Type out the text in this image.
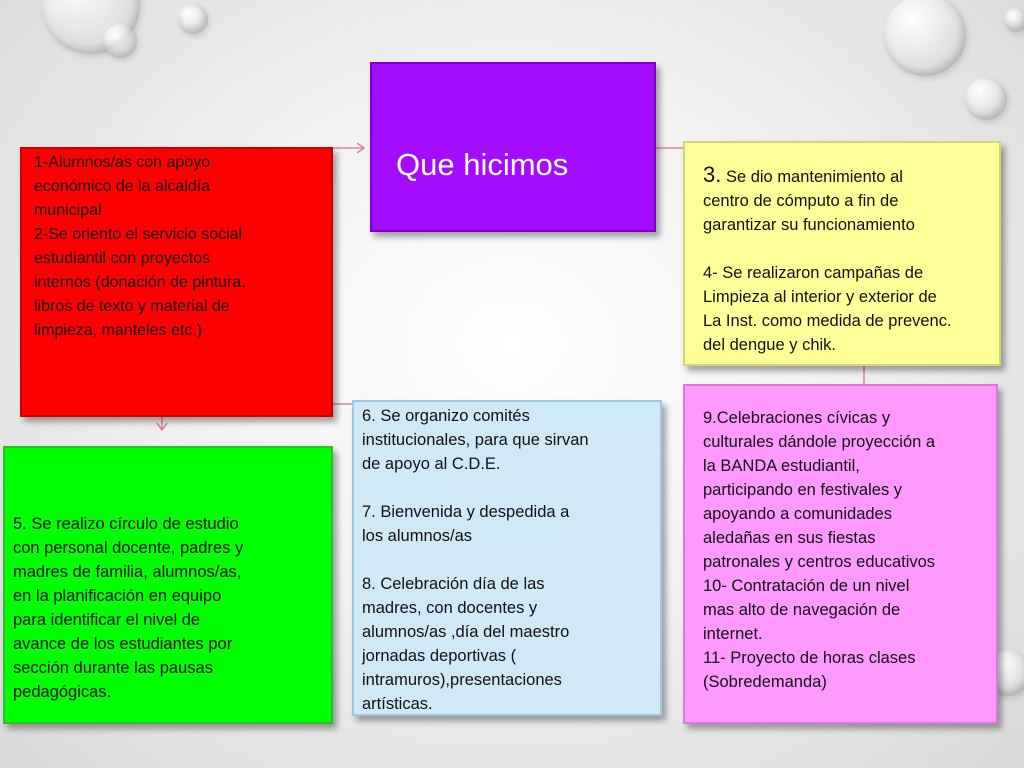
1-Alumnos/as con apoyo
económico de la alcaldía
municipal
2-Se oriento el servicio social
estudiantil con proyectos
internos (donación de pintura,
libros de texto y material de
limpieza, manteles etc.)

Que hicimos	3. Se dio mantenimiento al
centro de cómputo a fin de
garantizar su funcionamiento

4- Se realizaron campañas de
Limpieza al interior y exterior de
La Inst. como medida de prevenc.
del dengue y chik.

5. Se realizo círculo de estudio
con personal docente, padres y
madres de familia, alumnos/as,
en la planificación en equipo
para identificar el nivel de
avance de los estudiantes por
sección durante las pausas
pedagógicas.

6. Se organizo comités
institucionales, para que sirvan
de apoyo al C.D.E.

7. Bienvenida y despedida a
los alumnos/as

8. Celebración día de las
madres, con docentes y
alumnos/as ,día del maestro
jornadas deportivas (
intramuros),presentaciones
artísticas.

9.Celebraciones cívicas y
culturales dándole proyección a
la BANDA estudiantil,
participando en festivales y
apoyando a comunidades
aledañas en sus fiestas
patronales y centros educativos
10- Contratación de un nivel
mas alto de navegación de
internet.
11- Proyecto de horas clases
(Sobredemanda)
